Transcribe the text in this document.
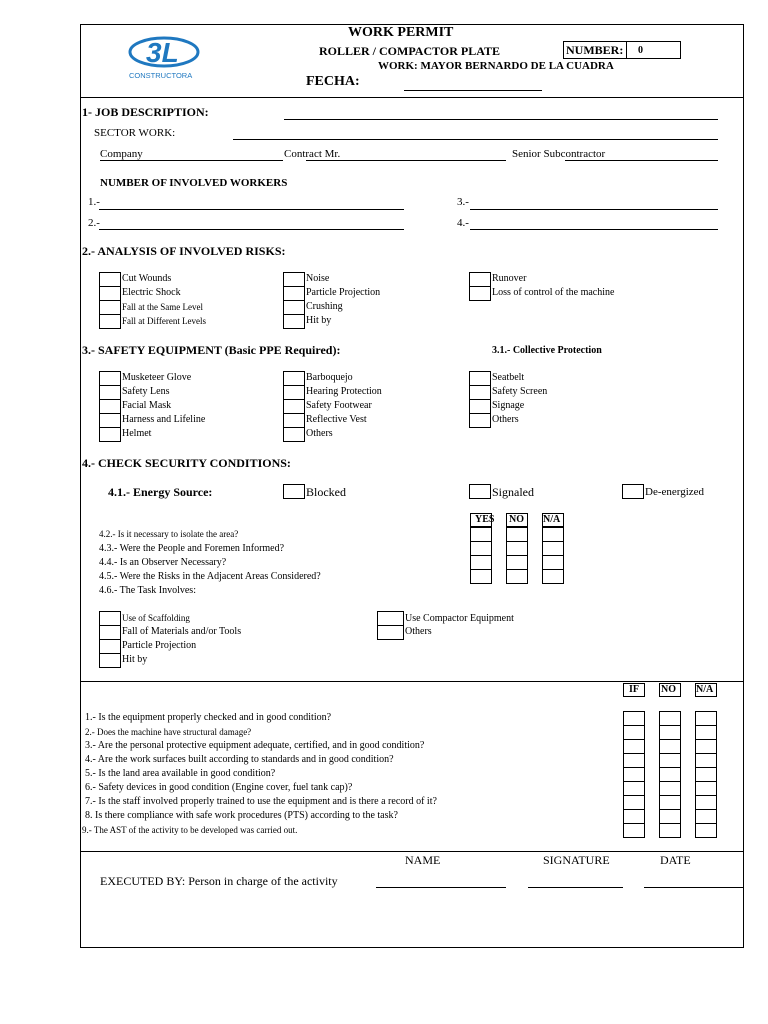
3L
CONSTRUCTORA
WORK PERMIT
ROLLER / COMPACTOR PLATE
WORK: MAYOR BERNARDO DE LA CUADRA
FECHA:
NUMBER: 0
1- JOB DESCRIPTION:
SECTOR WORK:
Company	Contract Mr.	Senior Subcontractor
NUMBER OF INVOLVED WORKERS
1.-
2.-
3.-
4.-
2.- ANALYSIS OF INVOLVED RISKS:
Cut Wounds
Electric Shock
Fall at the Same Level
Fall at Different Levels
Noise
Particle Projection
Crushing
Hit by
Runover
Loss of control of the machine
3.- SAFETY EQUIPMENT (Basic PPE Required):	3.1.- Collective Protection
Musketeer Glove
Safety Lens
Facial Mask
Harness and Lifeline
Helmet
Barboquejo
Hearing Protection
Safety Footwear
Reflective Vest
Others
Seatbelt
Safety Screen
Signage
Others
4.- CHECK SECURITY CONDITIONS:
4.1.- Energy Source:	Blocked	Signaled	De-energized
YES NO N/A
4.2.- Is it necessary to isolate the area?
4.3.- Were the People and Foremen Informed?
4.4.- Is an Observer Necessary?
4.5.- Were the Risks in the Adjacent Areas Considered?
4.6.- The Task Involves:
Use of Scaffolding
Fall of Materials and/or Tools
Particle Projection
Hit by
Use Compactor Equipment
Others
IF NO N/A
1.- Is the equipment properly checked and in good condition?
2.- Does the machine have structural damage?
3.- Are the personal protective equipment adequate, certified, and in good condition?
4.- Are the work surfaces built according to standards and in good condition?
5.- Is the land area available in good condition?
6.- Safety devices in good condition (Engine cover, fuel tank cap)?
7.- Is the staff involved properly trained to use the equipment and is there a record of it?
8. Is there compliance with safe work procedures (PTS) according to the task?
9.- The AST of the activity to be developed was carried out.
NAME	SIGNATURE	DATE
EXECUTED BY: Person in charge of the activity
